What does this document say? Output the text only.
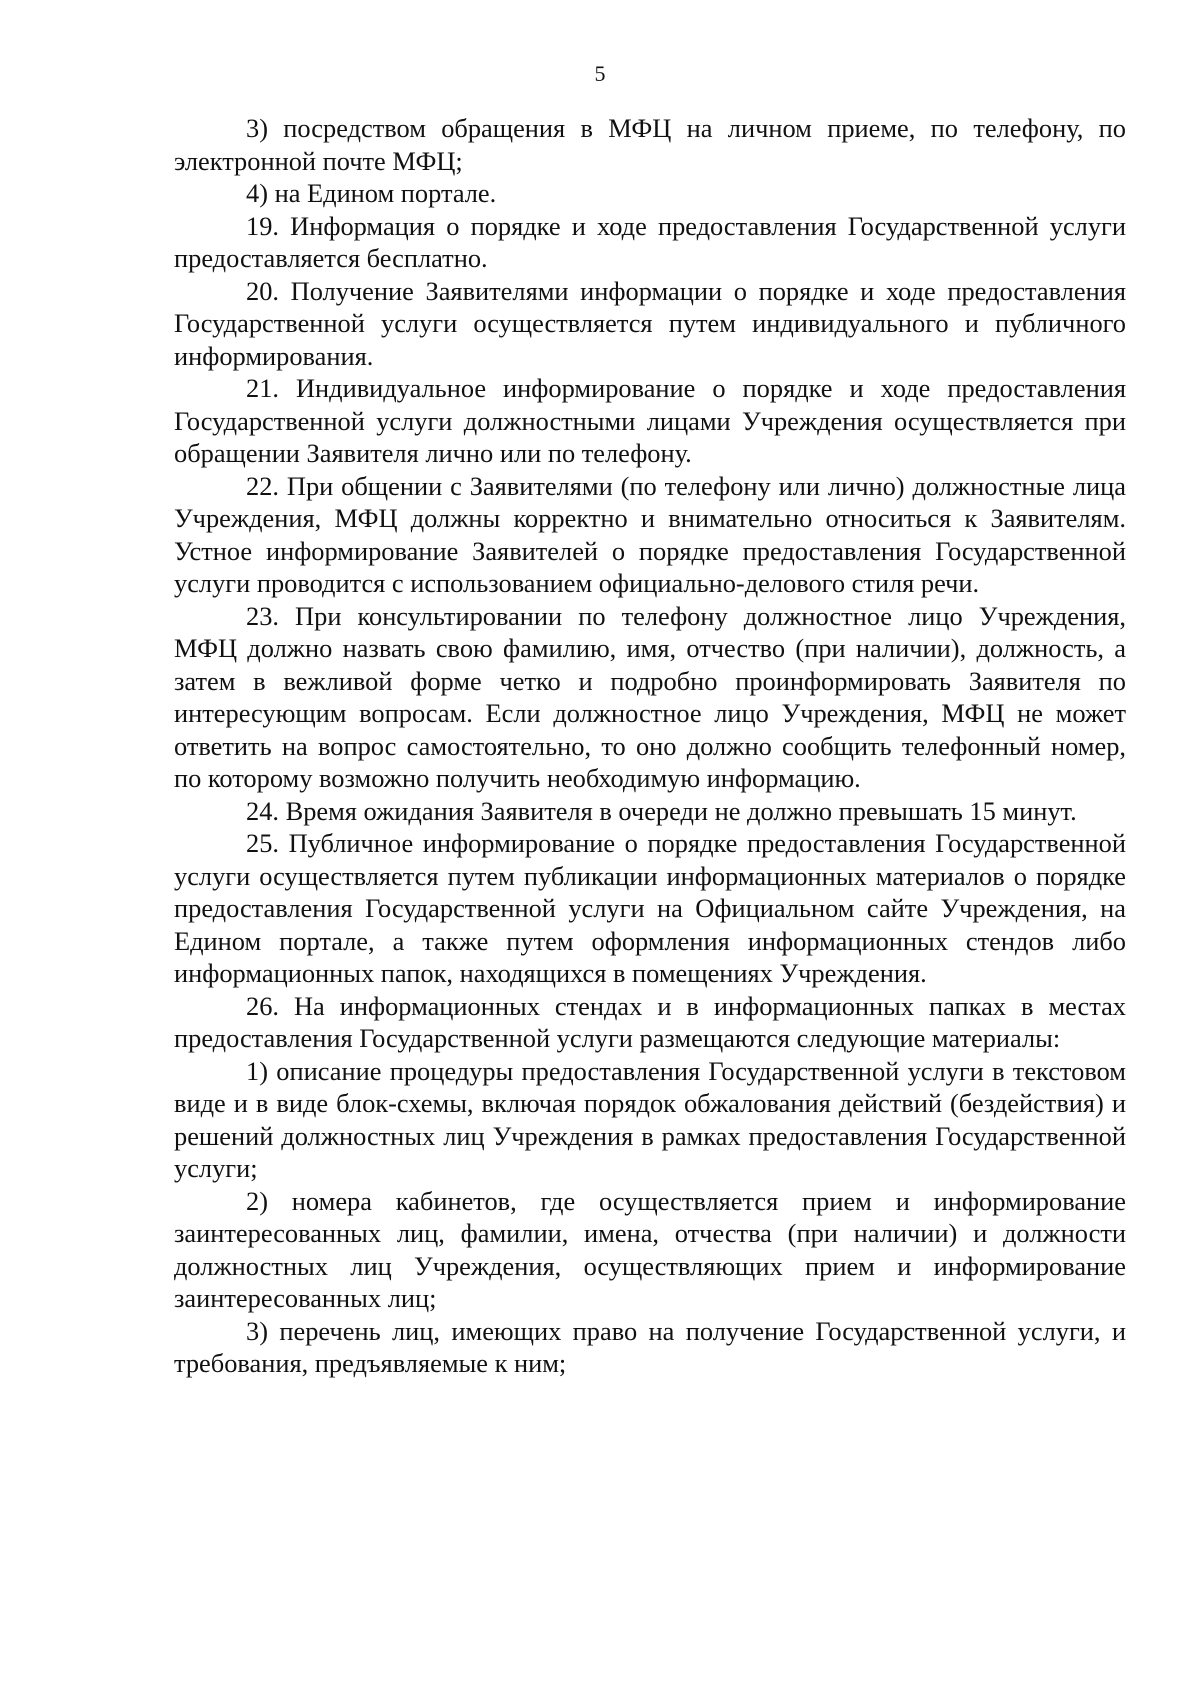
5

3) посредством обращения в МФЦ на личном приеме, по телефону, по электронной почте МФЦ;

4) на Едином портале.

19. Информация о порядке и ходе предоставления Государственной услуги предоставляется бесплатно.

20. Получение Заявителями информации о порядке и ходе предоставления Государственной услуги осуществляется путем индивидуального и публичного информирования.

21. Индивидуальное информирование о порядке и ходе предоставления Государственной услуги должностными лицами Учреждения осуществляется при обращении Заявителя лично или по телефону.

22. При общении с Заявителями (по телефону или лично) должностные лица Учреждения, МФЦ должны корректно и внимательно относиться к Заявителям. Устное информирование Заявителей о порядке предоставления Государственной услуги проводится с использованием официально-делового стиля речи.

23. При консультировании по телефону должностное лицо Учреждения, МФЦ должно назвать свою фамилию, имя, отчество (при наличии), должность, а затем в вежливой форме четко и подробно проинформировать Заявителя по интересующим вопросам. Если должностное лицо Учреждения, МФЦ не может ответить на вопрос самостоятельно, то оно должно сообщить телефонный номер, по которому возможно получить необходимую информацию.

24. Время ожидания Заявителя в очереди не должно превышать 15 минут.

25. Публичное информирование о порядке предоставления Государственной услуги осуществляется путем публикации информационных материалов о порядке предоставления Государственной услуги на Официальном сайте Учреждения, на Едином портале, а также путем оформления информационных стендов либо информационных папок, находящихся в помещениях Учреждения.

26. На информационных стендах и в информационных папках в местах предоставления Государственной услуги размещаются следующие материалы:

1) описание процедуры предоставления Государственной услуги в текстовом виде и в виде блок-схемы, включая порядок обжалования действий (бездействия) и решений должностных лиц Учреждения в рамках предоставления Государственной услуги;

2) номера кабинетов, где осуществляется прием и информирование заинтересованных лиц, фамилии, имена, отчества (при наличии) и должности должностных лиц Учреждения, осуществляющих прием и информирование заинтересованных лиц;

3) перечень лиц, имеющих право на получение Государственной услуги, и требования, предъявляемые к ним;
